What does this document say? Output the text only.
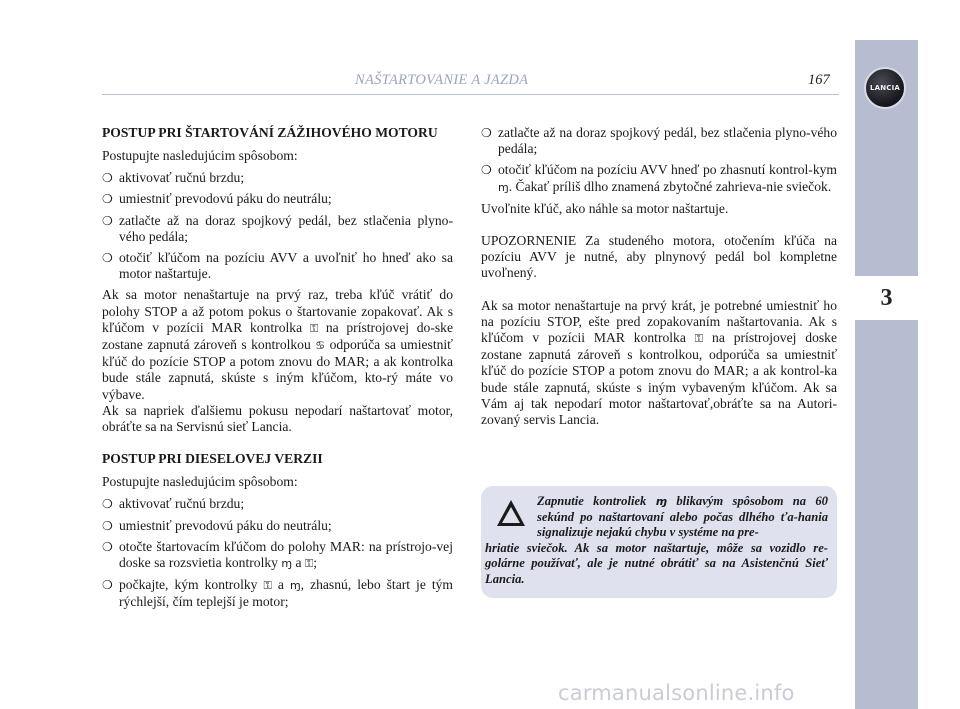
NAŠTARTOVANIE A JAZDA	167	LANCIA
3
POSTUP PRI ŠTARTOVÁNÍ ZÁŽIHOVÉHO MOTORU

Postupujte nasledujúcim spôsobom:

❍ aktivovať ručnú brzdu;
❍ umiestniť prevodovú páku do neutrálu;
❍ zatlačte až na doraz spojkový pedál, bez stlačenia plyno-vého pedála;
❍ otočiť kľúčom na pozíciu AVV a uvoľniť ho hneď ako sa motor naštartuje.

Ak sa motor nenaštartuje na prvý raz, treba kľúč vrátiť do polohy STOP a až potom pokus o štartovanie zopakovať. Ak s kľúčom v pozícii MAR kontrolka ⚿ na prístrojovej do-ske zostane zapnutá zároveň s kontrolkou ♋ odporúča sa umiestniť kľúč do pozície STOP a potom znovu do MAR; a ak kontrolka bude stále zapnutá, skúste s iným kľúčom, kto-rý máte vo výbave.

Ak sa napriek ďalšiemu pokusu nepodarí naštartovať motor, obráťte sa na Servisnú sieť Lancia.

POSTUP PRI DIESELOVEJ VERZII

Postupujte nasledujúcim spôsobom:

❍ aktivovať ručnú brzdu;
❍ umiestniť prevodovú páku do neutrálu;
❍ otočte štartovacím kľúčom do polohy MAR: na prístrojo-vej doske sa rozsvietia kontrolky ɱ a ⚿;
❍ počkajte, kým kontrolky ⚿ a ɱ, zhasnú, lebo štart je tým rýchlejší, čím teplejší je motor;
❍ zatlačte až na doraz spojkový pedál, bez stlačenia plyno-vého pedála;
❍ otočiť kľúčom na pozíciu AVV hneď po zhasnutí kontrol-kym ɱ. Čakať príliš dlho znamená zbytočné zahrieva-nie sviečok.

Uvoľnite kľúč, ako náhle sa motor naštartuje.

UPOZORNENIE Za studeného motora, otočením kľúča na pozíciu AVV je nutné, aby plnynový pedál bol kompletne uvoľnený.

Ak sa motor nenaštartuje na prvý krát, je potrebné umiestniť ho na pozíciu STOP, ešte pred zopakovaním naštartovania. Ak s kľúčom v pozícii MAR kontrolka ⚿ na prístrojovej doske zostane zapnutá zároveň s kontrolkou, odporúča sa umiestniť kľúč do pozície STOP a potom znovu do MAR; a ak kontrol-ka bude stále zapnutá, skúste s iným vybaveným kľúčom. Ak sa Vám aj tak nepodarí motor naštartovať,obráťte sa na Autori-zovaný servis Lancia.

Zapnutie kontroliek ɱ blikavým spôsobom na 60 sekúnd po naštartovaní alebo počas dlhého ťa-hania signalizuje nejakú chybu v systéme na pre-
hriatie sviečok. Ak sa motor naštartuje, môže sa vozidlo re-golárne používať, ale je nutné obrátiť sa na Asistenčnú Sieť Lancia.
carmanualsonline.info
